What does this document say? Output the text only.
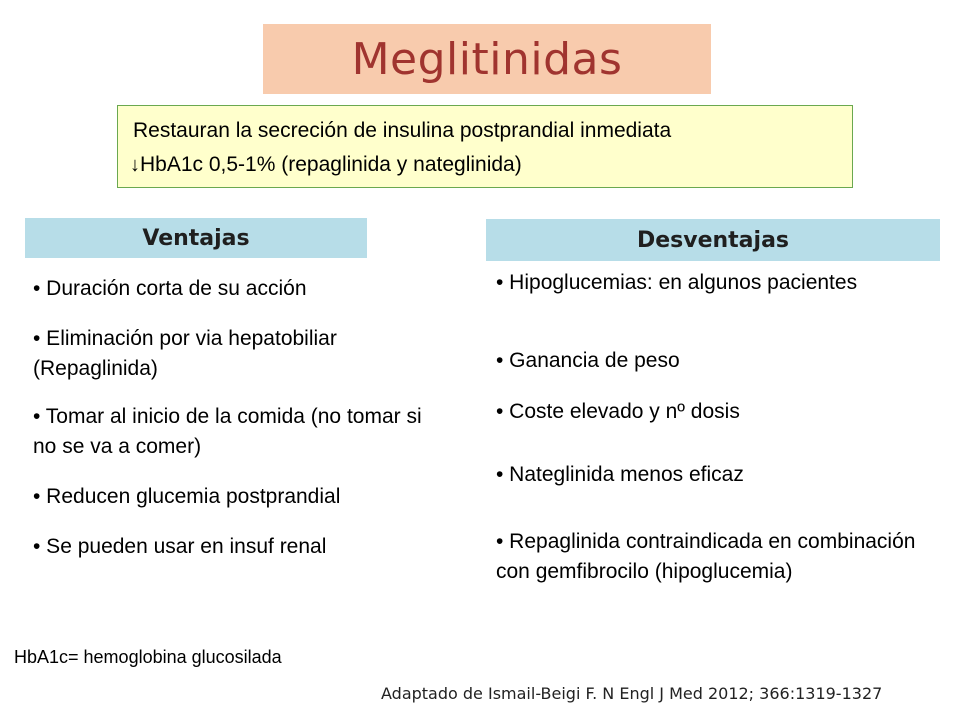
Meglitinidas
Restauran la secreción de insulina postprandial inmediata
↓HbA1c 0,5-1% (repaglinida y nateglinida)
Ventajas	Desventajas
• Duración corta de su acción
• Eliminación por via hepatobiliar (Repaglinida)
• Tomar al inicio de la comida (no tomar si no se va a comer)
• Reducen glucemia postprandial
• Se pueden usar en insuf renal
• Hipoglucemias: en algunos pacientes
• Ganancia de peso
• Coste elevado y nº dosis
• Nateglinida menos eficaz
• Repaglinida contraindicada en combinación con gemfibrocilo (hipoglucemia)
HbA1c= hemoglobina glucosilada
Adaptado de Ismail-Beigi F. N Engl J Med 2012; 366:1319-1327
